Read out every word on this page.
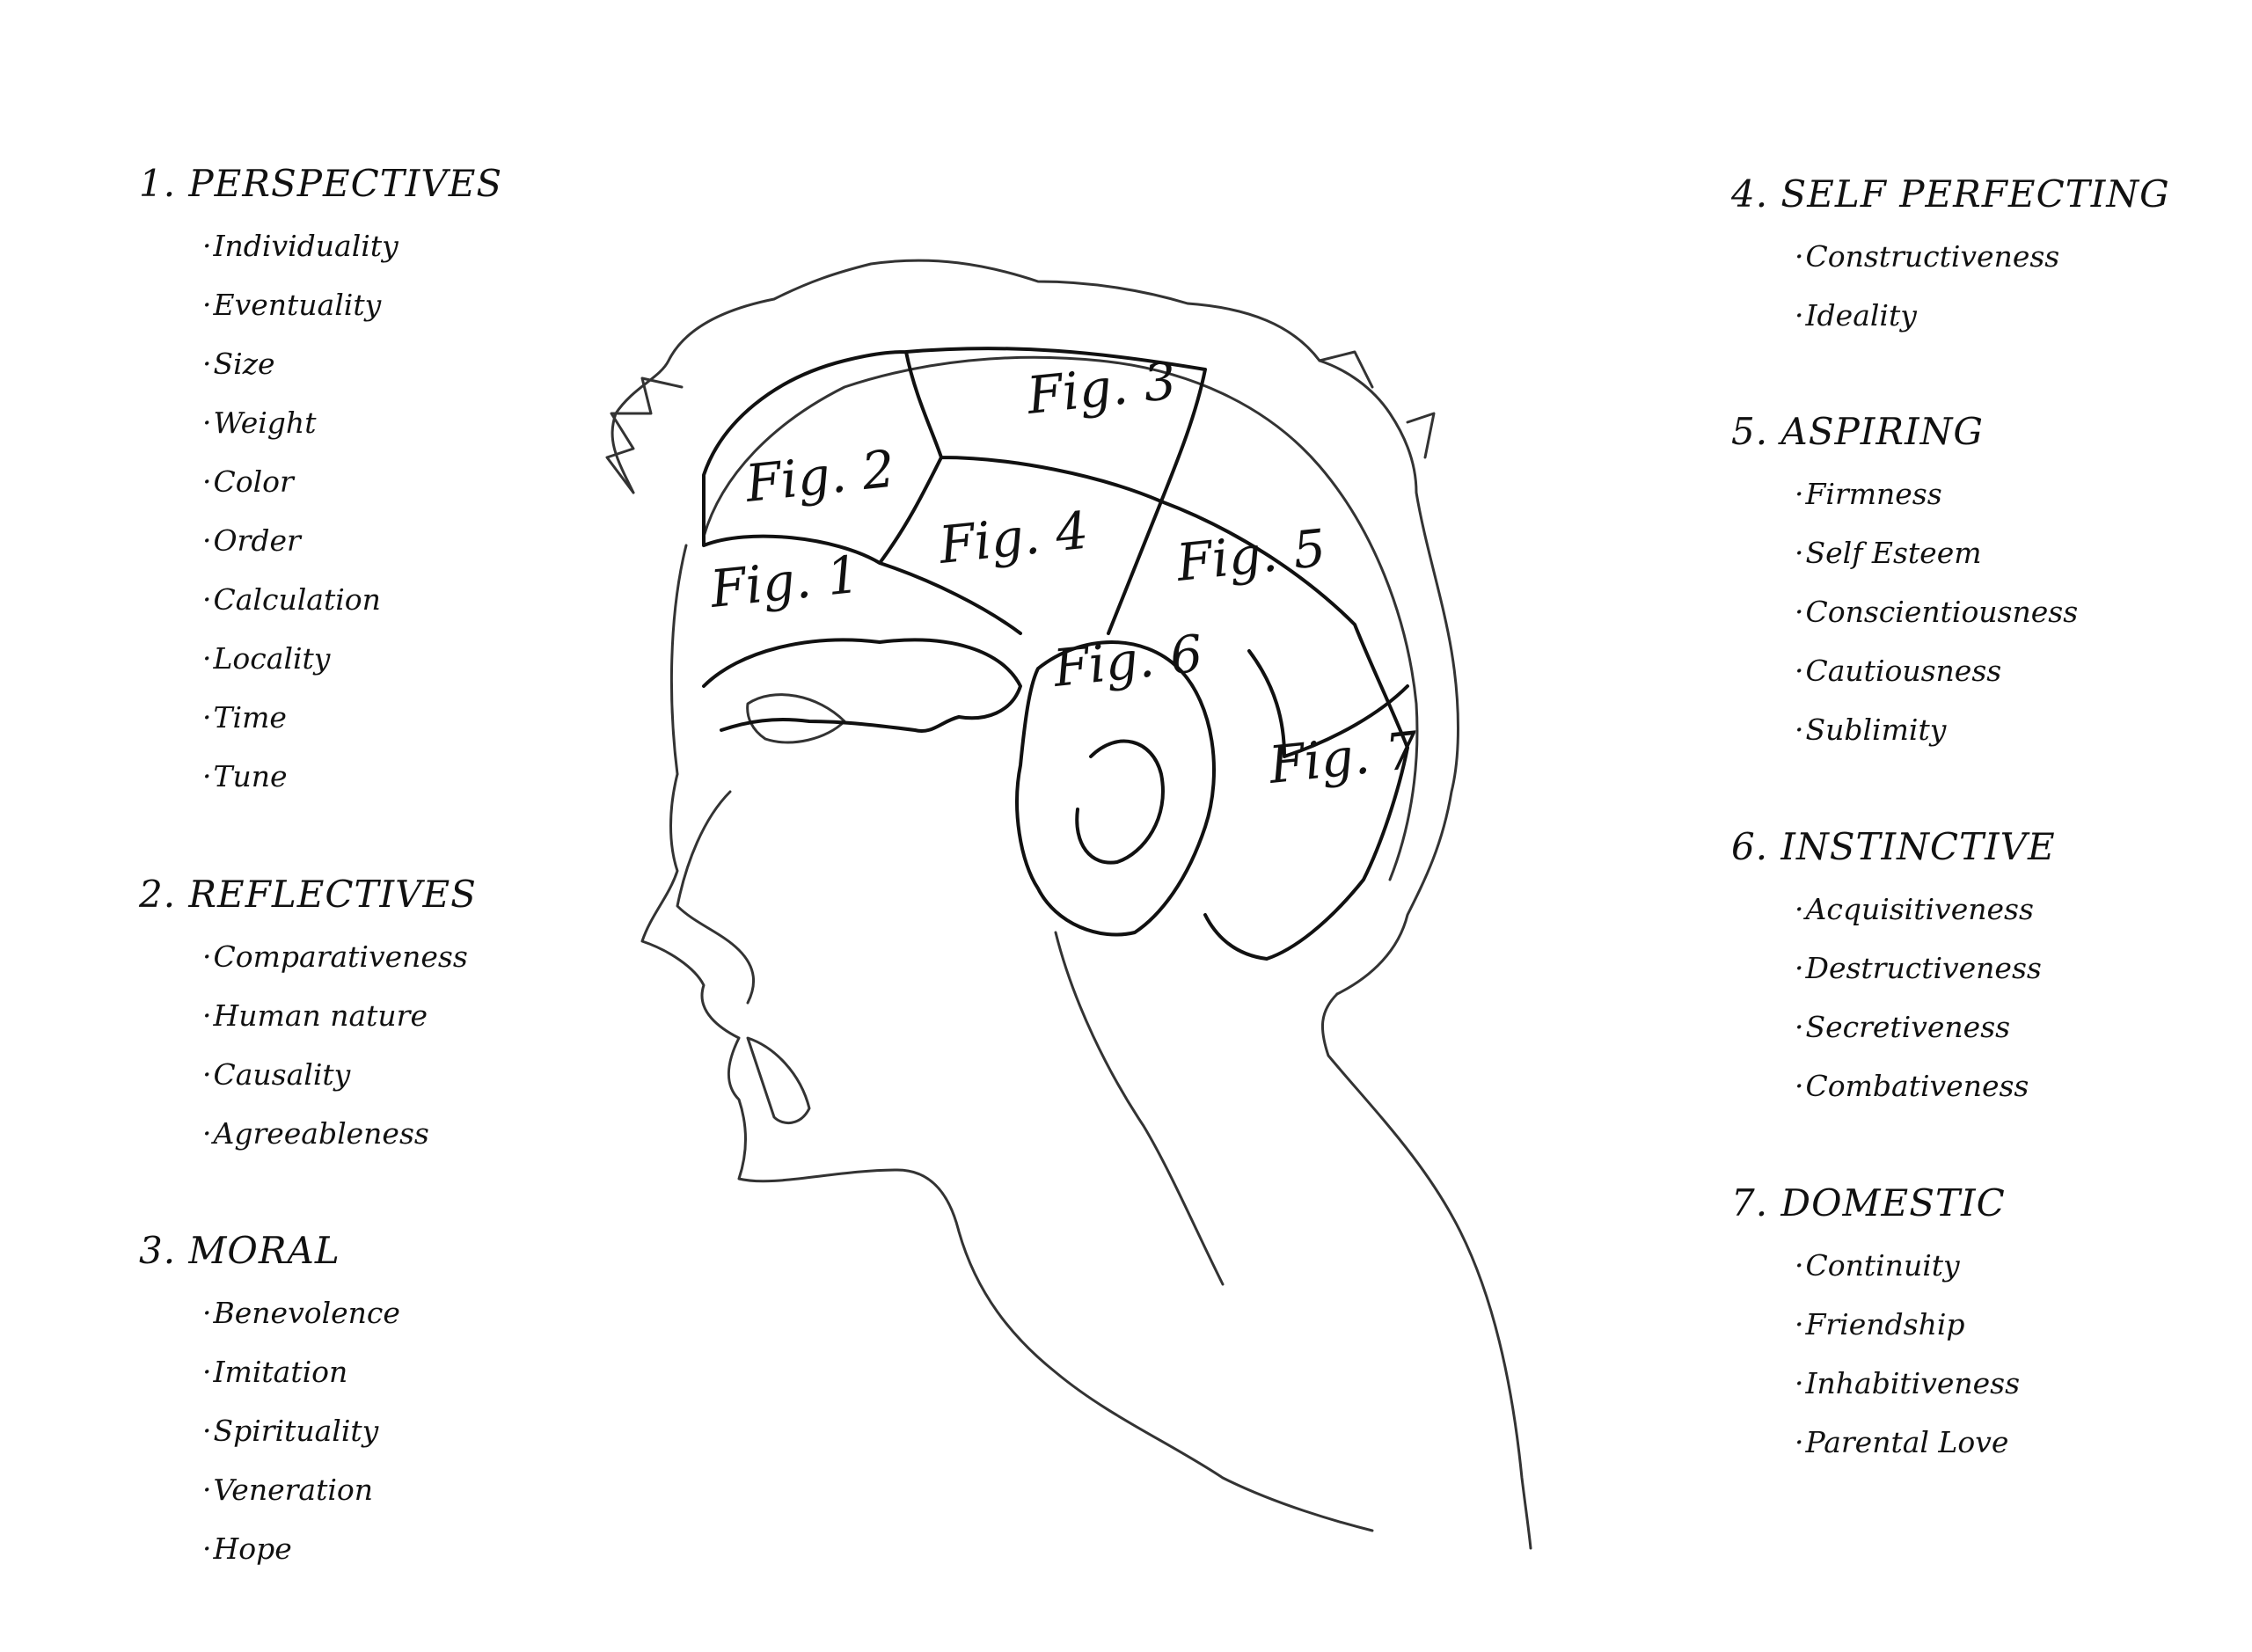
Fig. 1
Fig. 2
Fig. 3
Fig. 4 Fig. 5
Fig. 6
Fig. 7
1. PERSPECTIVES
· Individuality
· Eventuality
· Size
· Weight
· Color
· Order
· Calculation
· Locality
· Time
· Tune
2. REFLECTIVES
· Comparativeness
· Human nature
· Causality
· Agreeableness
3. MORAL
· Benevolence
· Imitation
· Spirituality
· Veneration
· Hope
4. SELF PERFECTING
· Constructiveness
· Ideality
5. ASPIRING
· Firmness
· Self Esteem
· Conscientiousness
· Cautiousness
· Sublimity
6. INSTINCTIVE
· Acquisitiveness
· Destructiveness
· Secretiveness
· Combativeness
7. DOMESTIC
· Continuity
· Friendship
· Inhabitiveness
· Parental Love
